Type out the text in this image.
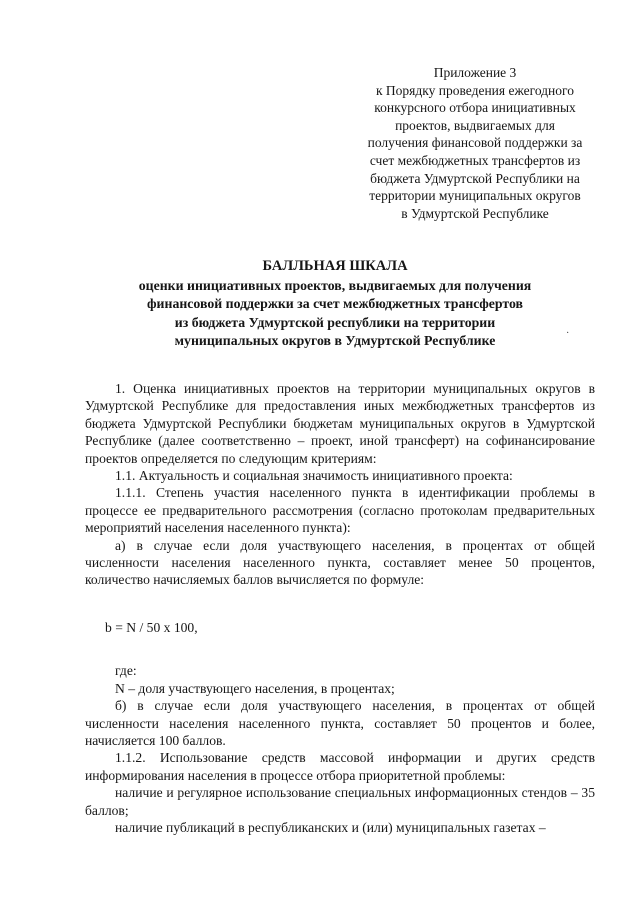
Приложение 3
к Порядку проведения ежегодного
конкурсного отбора инициативных
проектов, выдвигаемых для
получения финансовой поддержки за
счет межбюджетных трансфертов из
бюджета Удмуртской Республики на
территории муниципальных округов
в Удмуртской Республике
БАЛЛЬНАЯ ШКАЛА
оценки инициативных проектов, выдвигаемых для получения
финансовой поддержки за счет межбюджетных трансфертов
из бюджета Удмуртской республики на территории
муниципальных округов в Удмуртской Республике	·

1. Оценка инициативных проектов на территории муниципальных округов в Удмуртской Республике для предоставления иных межбюджетных трансфертов из бюджета Удмуртской Республики бюджетам муниципальных округов в Удмуртской Республике (далее соответственно – проект, иной трансферт) на софинансирование проектов определяется по следующим критериям:

1.1. Актуальность и социальная значимость инициативного проекта:

1.1.1. Степень участия населенного пункта в идентификации проблемы в процессе ее предварительного рассмотрения (согласно протоколам предварительных мероприятий населения населенного пункта):

а) в случае если доля участвующего населения, в процентах от общей численности населения населенного пункта, составляет менее 50 процентов, количество начисляемых баллов вычисляется по формуле:

b = N / 50 x 100,

где:

N – доля участвующего населения, в процентах;

б) в случае если доля участвующего населения, в процентах от общей численности населения населенного пункта, составляет 50 процентов и более, начисляется 100 баллов.

1.1.2. Использование средств массовой информации и других средств информирования населения в процессе отбора приоритетной проблемы:

наличие и регулярное использование специальных информационных стендов – 35 баллов;

наличие публикаций в республиканских и (или) муниципальных газетах –
